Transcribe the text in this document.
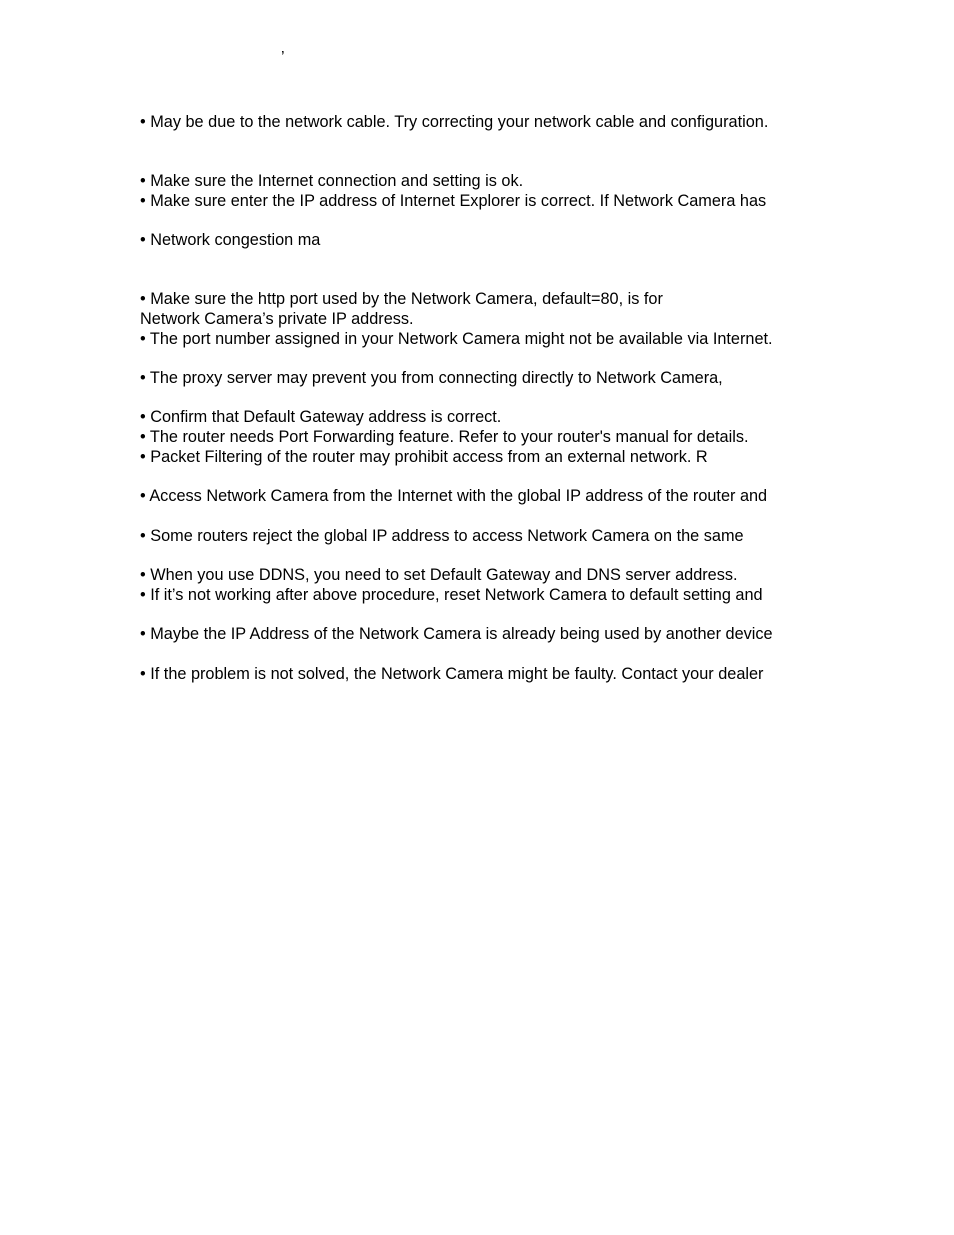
’
• May be due to the network cable. Try correcting your network cable and configuration.
• Make sure the Internet connection and setting is ok.
• Make sure enter the IP address of Internet Explorer is correct. If Network Camera has
• Network congestion ma
• Make sure the http port used by the Network Camera, default=80, is for
Network Camera’s private IP address.
• The port number assigned in your Network Camera might not be available via Internet.
• The proxy server may prevent you from connecting directly to Network Camera,
• Confirm that Default Gateway address is correct.
• The router needs Port Forwarding feature. Refer to your router's manual for details.
• Packet Filtering of the router may prohibit access from an external network. R
• Access Network Camera from the Internet with the global IP address of the router and
• Some routers reject the global IP address to access Network Camera on the same
• When you use DDNS, you need to set Default Gateway and DNS server address.
• If it’s not working after above procedure, reset Network Camera to default setting and
• Maybe the IP Address of the Network Camera is already being used by another device
• If the problem is not solved, the Network Camera might be faulty. Contact your dealer
